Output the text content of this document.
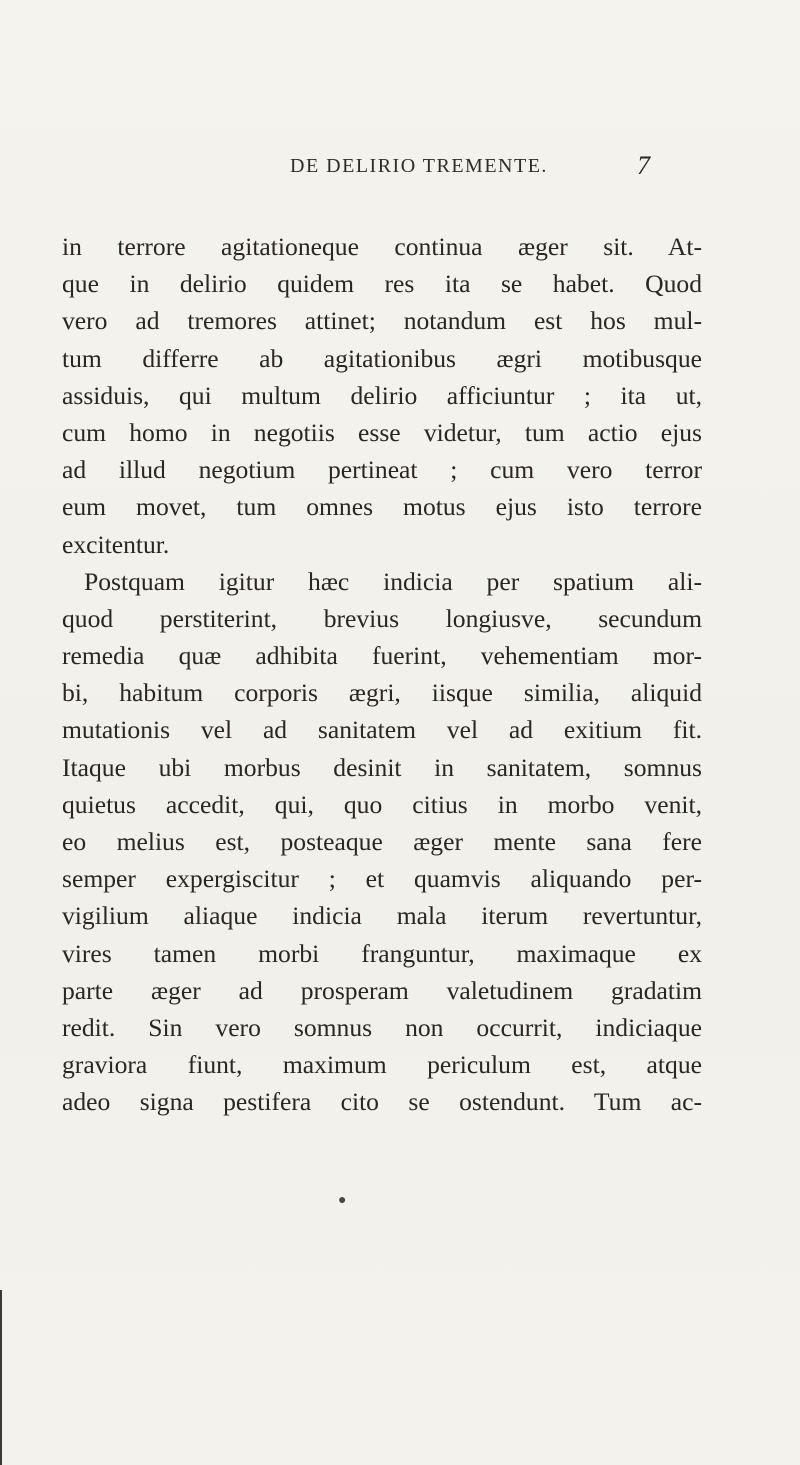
DE DELIRIO TREMENTE.	7
in terrore agitationeque continua æger sit. At-
que in delirio quidem res ita se habet. Quod
vero ad tremores attinet; notandum est hos mul-
tum differre ab agitationibus ægri motibusque
assiduis, qui multum delirio afficiuntur ; ita ut,
cum homo in negotiis esse videtur, tum actio ejus
ad illud negotium pertineat ; cum vero terror
eum movet, tum omnes motus ejus isto terrore
excitentur.
Postquam igitur hæc indicia per spatium ali-
quod perstiterint, brevius longiusve, secundum
remedia quæ adhibita fuerint, vehementiam mor-
bi, habitum corporis ægri, iisque similia, aliquid
mutationis vel ad sanitatem vel ad exitium fit.
Itaque ubi morbus desinit in sanitatem, somnus
quietus accedit, qui, quo citius in morbo venit,
eo melius est, posteaque æger mente sana fere
semper expergiscitur ; et quamvis aliquando per-
vigilium aliaque indicia mala iterum revertuntur,
vires tamen morbi franguntur, maximaque ex
parte æger ad prosperam valetudinem gradatim
redit. Sin vero somnus non occurrit, indiciaque
graviora fiunt, maximum periculum est, atque
adeo signa pestifera cito se ostendunt. Tum ac-
●
